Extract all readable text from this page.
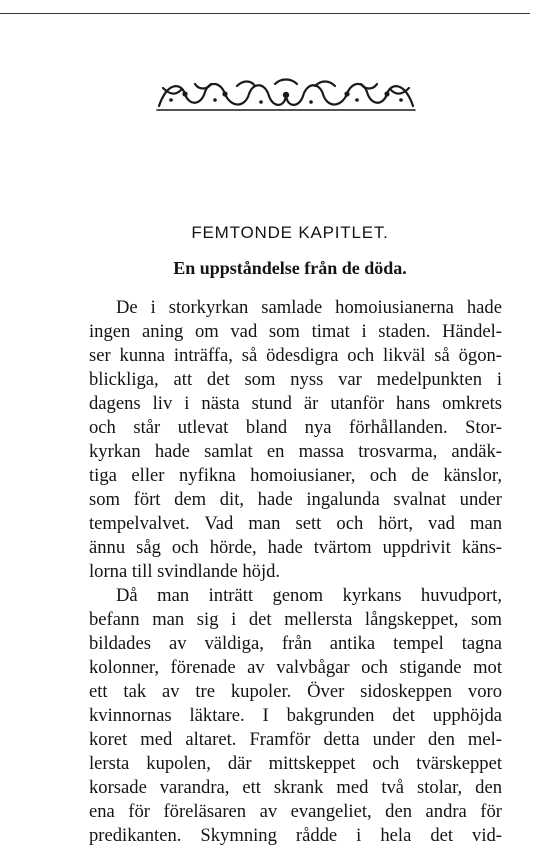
FEMTONDE KAPITLET.
En uppståndelse från de döda.
De i storkyrkan samlade homoiusianerna hade
ingen aning om vad som timat i staden. Händel-
ser kunna inträffa, så ödesdigra och likväl så ögon-
blickliga, att det som nyss var medelpunkten i
dagens liv i nästa stund är utanför hans omkrets
och står utlevat bland nya förhållanden. Stor-
kyrkan hade samlat en massa trosvarma, andäk-
tiga eller nyfikna homoiusianer, och de känslor,
som fört dem dit, hade ingalunda svalnat under
tempelvalvet. Vad man sett och hört, vad man
ännu såg och hörde, hade tvärtom uppdrivit käns-
lorna till svindlande höjd.
Då man inträtt genom kyrkans huvudport,
befann man sig i det mellersta långskeppet, som
bildades av väldiga, från antika tempel tagna
kolonner, förenade av valvbågar och stigande mot
ett tak av tre kupoler. Över sidoskeppen voro
kvinnornas läktare. I bakgrunden det upphöjda
koret med altaret. Framför detta under den mel-
lersta kupolen, där mittskeppet och tvärskeppet
korsade varandra, ett skrank med två stolar, den
ena för föreläsaren av evangeliet, den andra för
predikanten. Skymning rådde i hela det vid-
